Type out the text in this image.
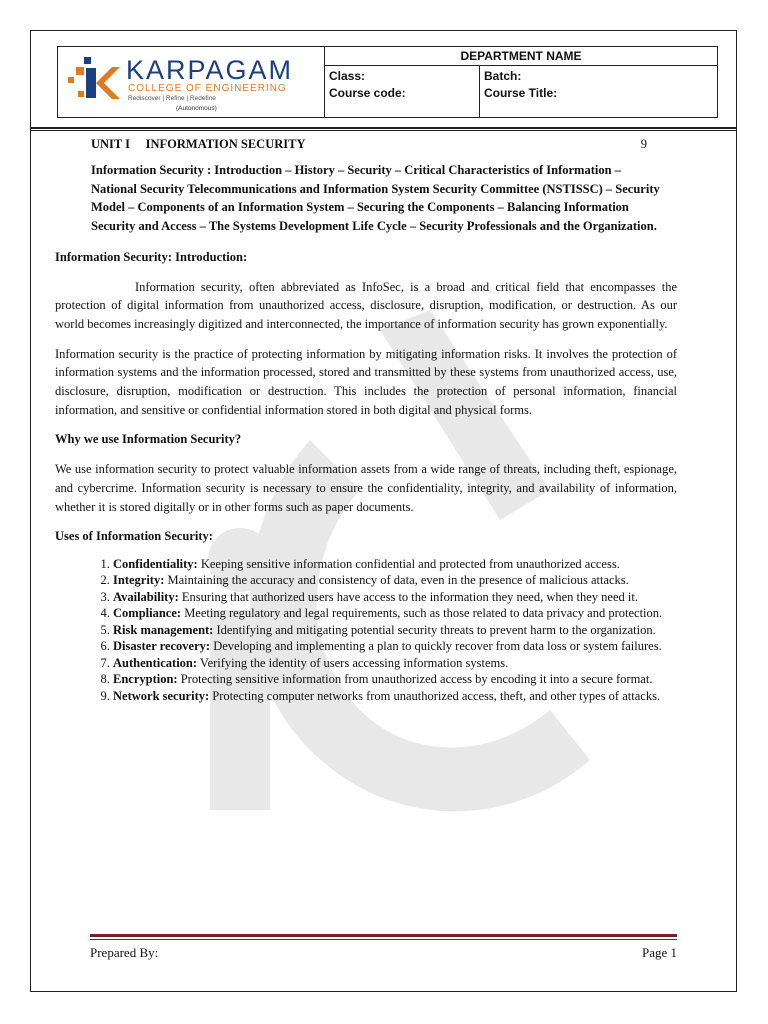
KARPAGAM
COLLEGE OF ENGINEERING
Rediscover | Refine | Redefine
(Autonomous)
DEPARTMENT NAME
Class:
Course code:
Batch:
Course Title:
UNIT I     INFORMATION SECURITY	9
Information Security : Introduction – History – Security – Critical Characteristics of Information – National Security Telecommunications and Information System Security Committee (NSTISSC) – Security Model – Components of an Information System – Securing the Components – Balancing Information Security and Access – The Systems Development Life Cycle – Security Professionals and the Organization.
Information Security: Introduction:

Information security, often abbreviated as InfoSec, is a broad and critical field that encompasses the protection of digital information from unauthorized access, disclosure, disruption, modification, or destruction. As our world becomes increasingly digitized and interconnected, the importance of information security has grown exponentially.

Information security is the practice of protecting information by mitigating information risks. It involves the protection of information systems and the information processed, stored and transmitted by these systems from unauthorized access, use, disclosure, disruption, modification or destruction. This includes the protection of personal information, financial information, and sensitive or confidential information stored in both digital and physical forms.

Why we use Information Security?

We use information security to protect valuable information assets from a wide range of threats, including theft, espionage, and cybercrime. Information security is necessary to ensure the confidentiality, integrity, and availability of information, whether it is stored digitally or in other forms such as paper documents.

Uses of Information Security:
1. Confidentiality: Keeping sensitive information confidential and protected from unauthorized access.
2. Integrity: Maintaining the accuracy and consistency of data, even in the presence of malicious attacks.
3. Availability: Ensuring that authorized users have access to the information they need, when they need it.
4. Compliance: Meeting regulatory and legal requirements, such as those related to data privacy and protection.
5. Risk management: Identifying and mitigating potential security threats to prevent harm to the organization.
6. Disaster recovery: Developing and implementing a plan to quickly recover from data loss or system failures.
7. Authentication: Verifying the identity of users accessing information systems.
8. Encryption: Protecting sensitive information from unauthorized access by encoding it into a secure format.
9. Network security: Protecting computer networks from unauthorized access, theft, and other types of attacks.
Prepared By:	Page 1
